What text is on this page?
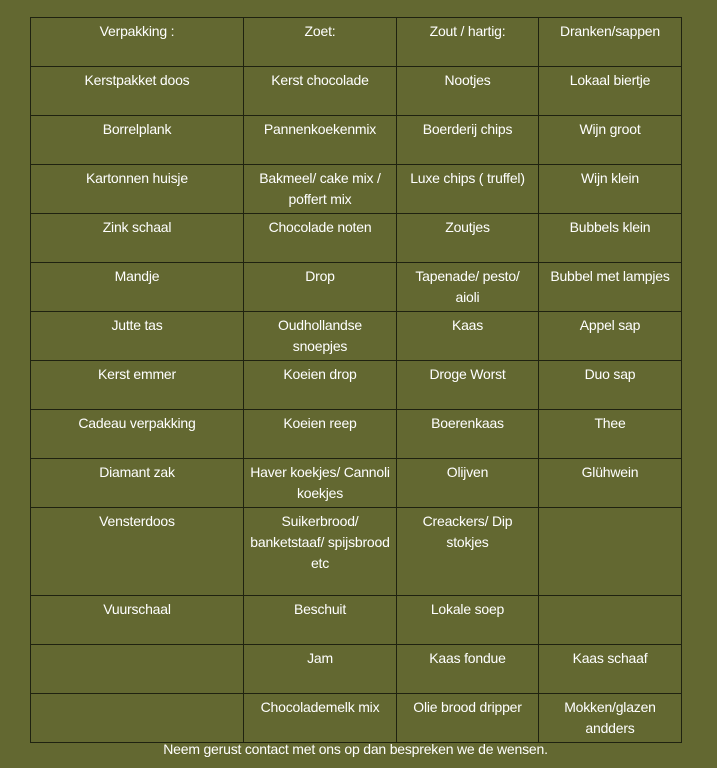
Verpakking :	Zoet:	Zout / hartig:	Dranken/sappen

Kerstpakket doos	Kerst chocolade	Nootjes	Lokaal biertje

Borrelplank	Pannenkoekenmix	Boerderij chips	Wijn groot

Kartonnen huisje	Bakmeel/ cake mix / poffert mix	Luxe chips ( truffel)	Wijn klein

Zink schaal	Chocolade noten	Zoutjes	Bubbels klein

Mandje	Drop	Tapenade/ pesto/ aioli	Bubbel met lampjes

Jutte tas	Oudhollandse snoepjes	Kaas	Appel sap

Kerst emmer	Koeien drop	Droge Worst	Duo sap

Cadeau verpakking	Koeien reep	Boerenkaas	Thee

Diamant zak	Haver koekjes/ Cannoli koekjes	Olijven	Glühwein

Vensterdoos	Suikerbrood/ banketstaaf/ spijsbrood etc	Creackers/ Dip stokjes	

Vuurschaal	Beschuit	Lokale soep	

	Jam	Kaas fondue	Kaas schaaf

	Chocolademelk mix	Olie brood dripper	Mokken/glazen andders
Neem gerust contact met ons op dan bespreken we de wensen.
